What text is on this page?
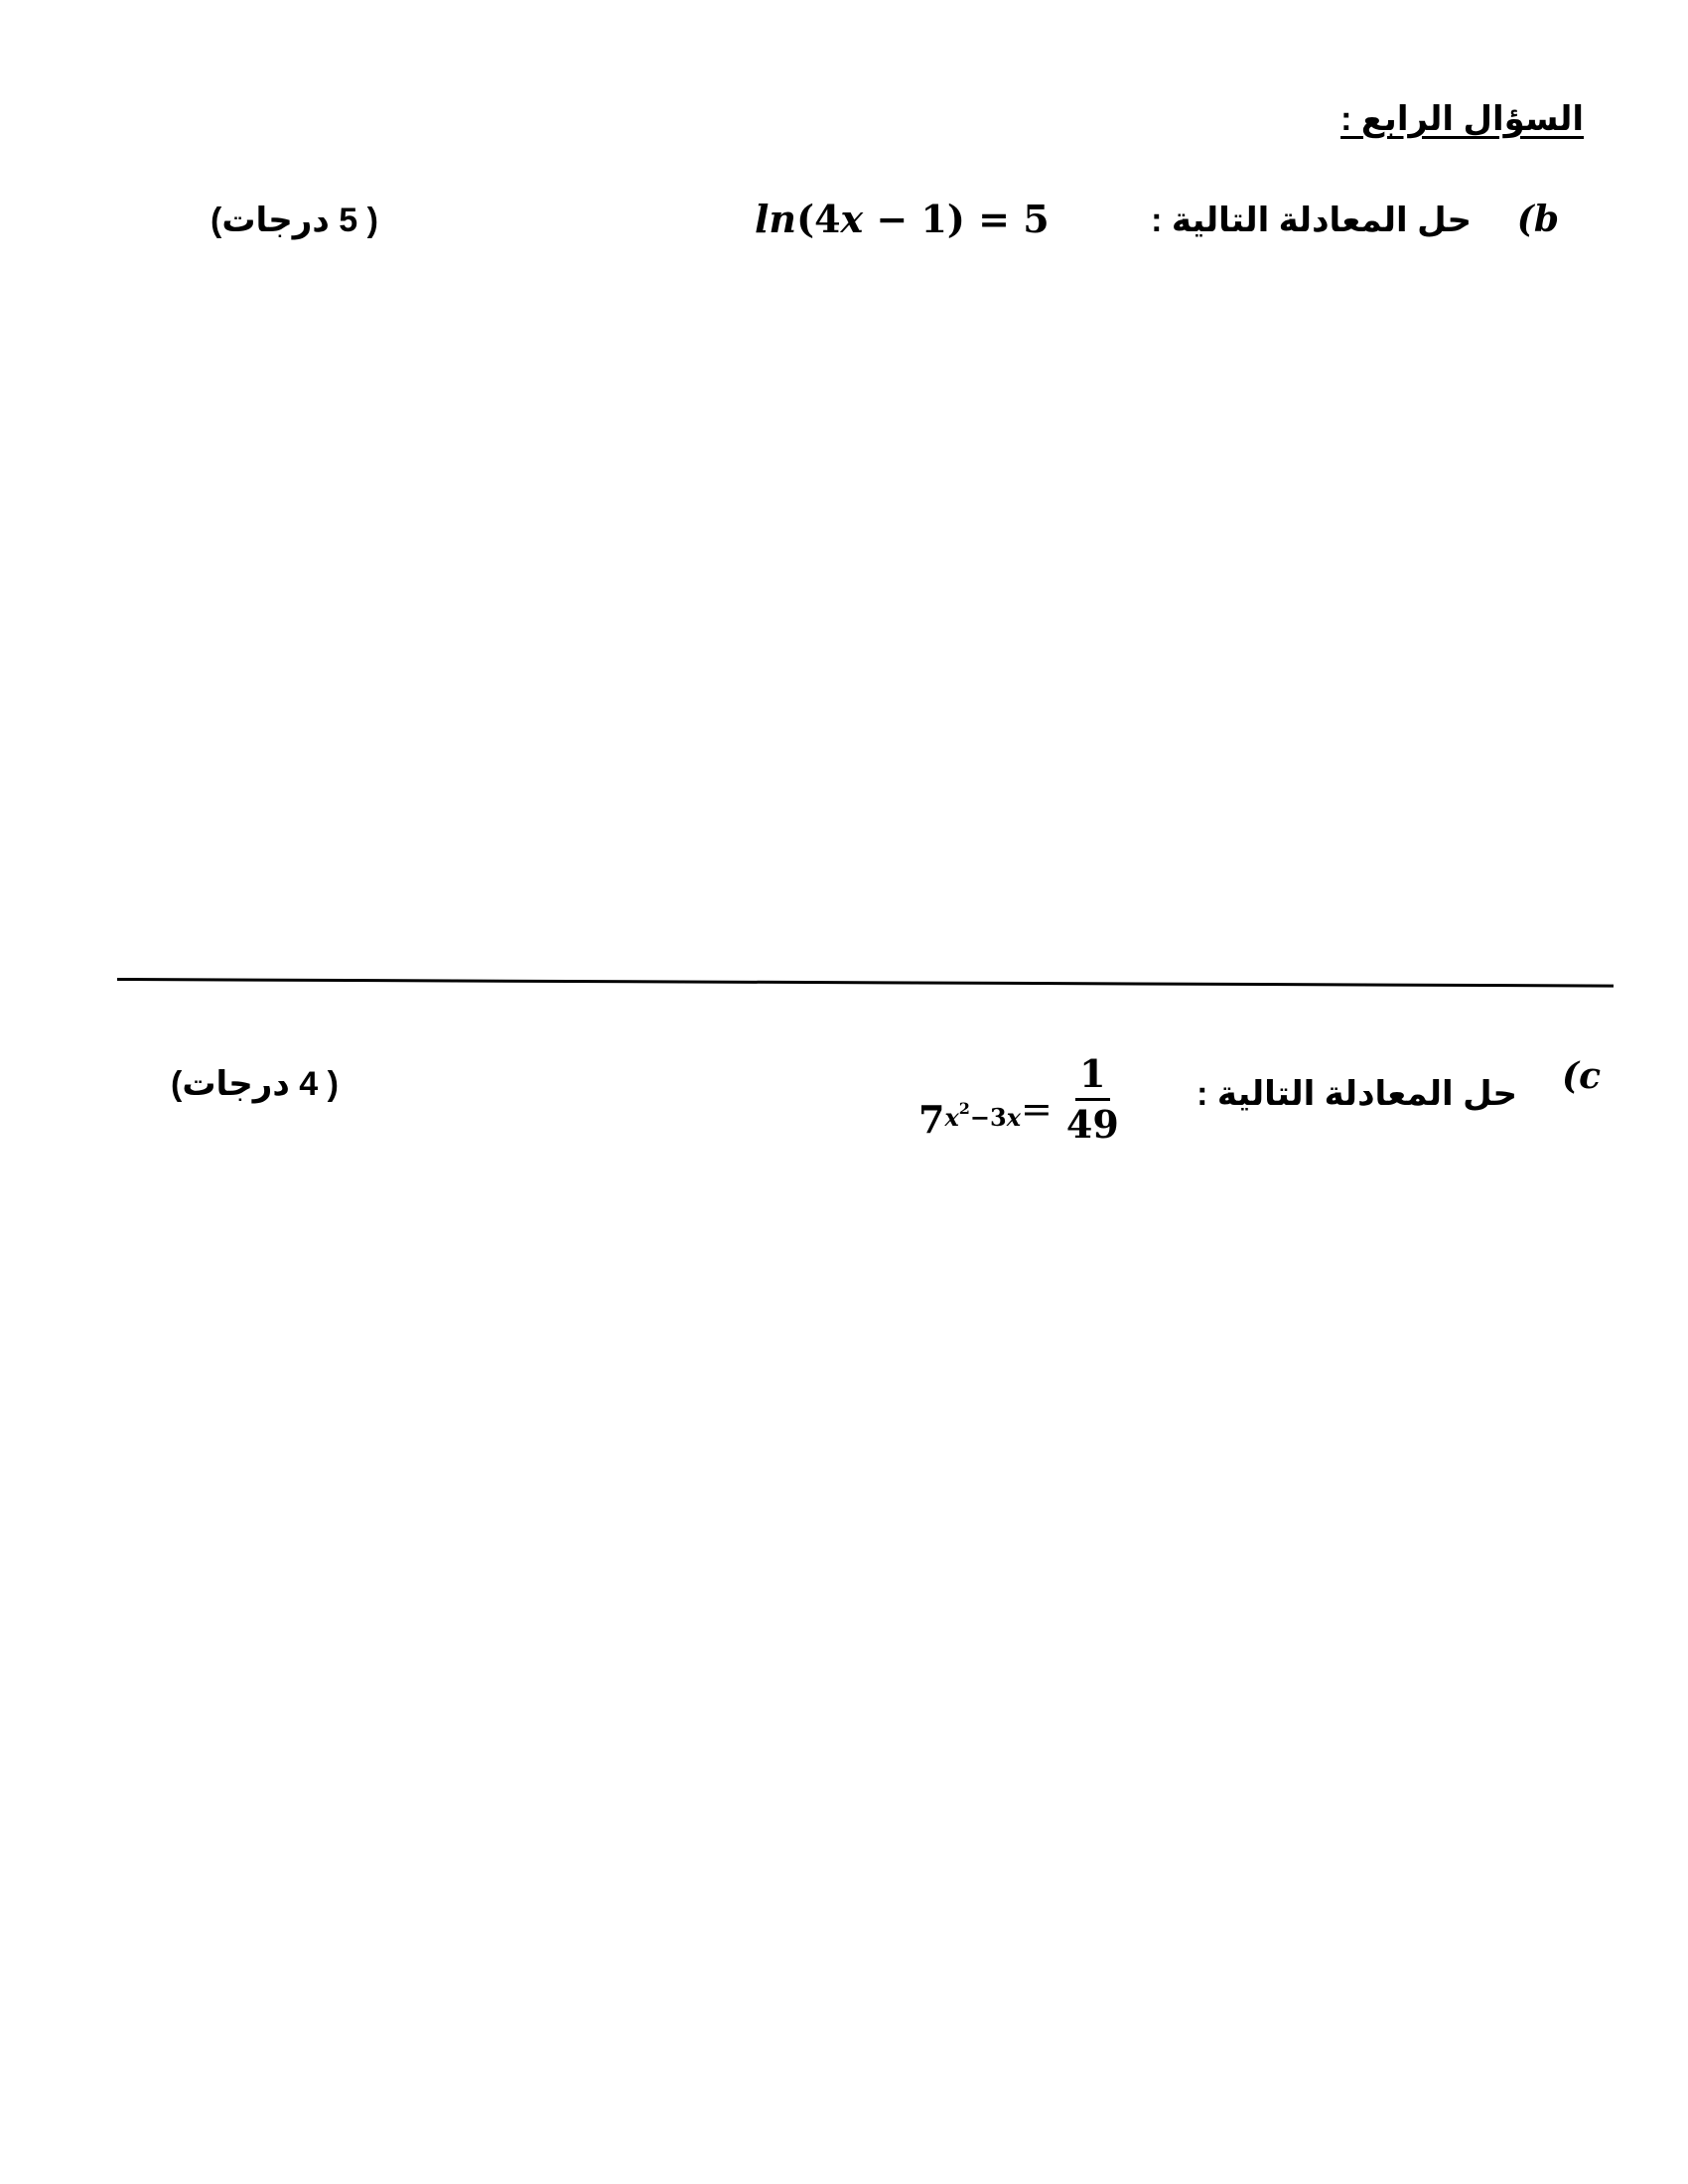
السؤال الرابع :
(b
حل المعادلة التالية :
ln(4x − 1) = 5
( 5 درجات)
(c
حل المعادلة التالية :
7 $x^2-3x = \frac{1}{49}$
( 4 درجات)
